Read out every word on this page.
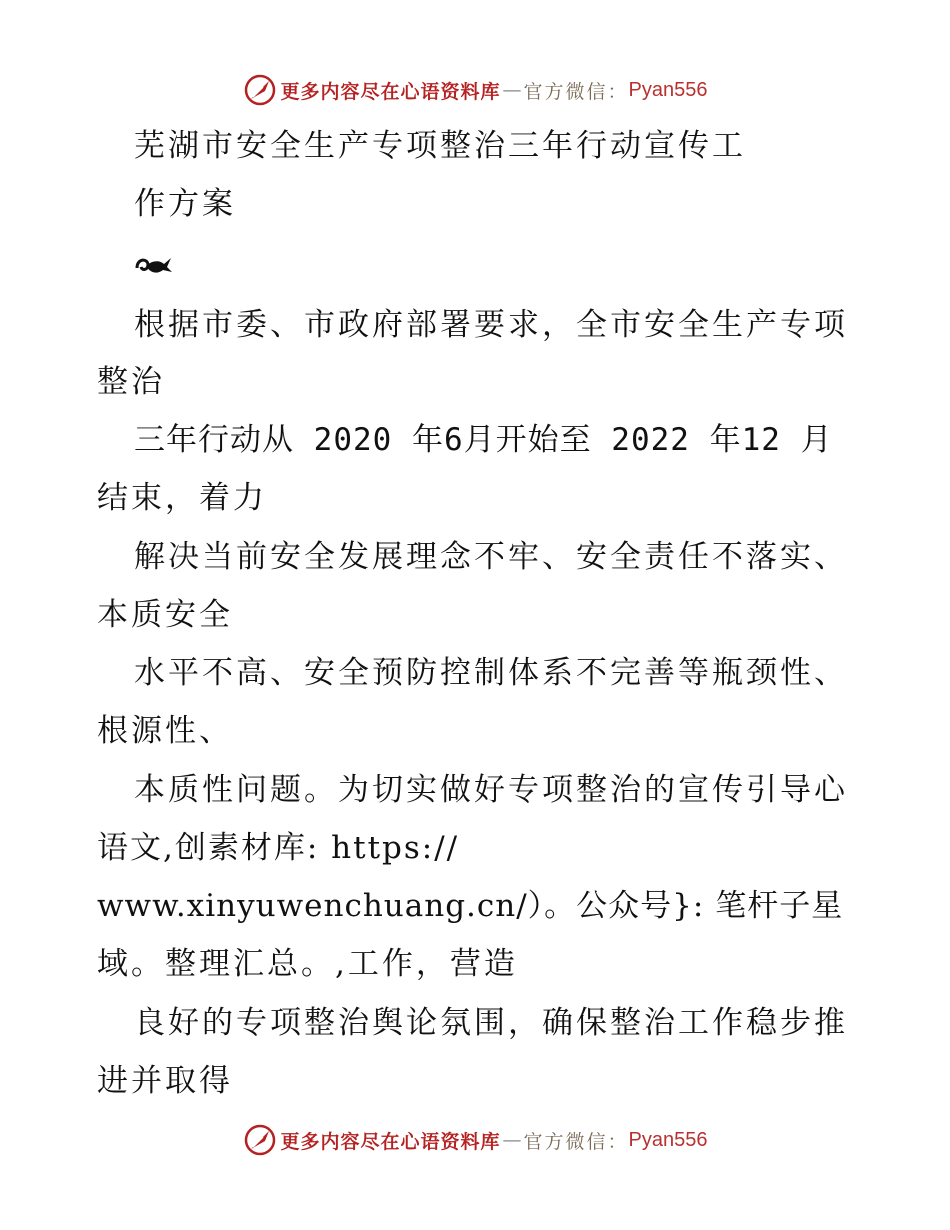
更多内容尽在心语资料库 — 官方微信： Pyan556
芜湖市安全生产专项整治三年行动宣传工
作方案
根据市委、市政府部署要求，全市安全生产专项
整治
三年行动从 2020 年6月开始至 2022 年12 月
结束，着力
解决当前安全发展理念不牢、安全责任不落实、
本质安全
水平不高、安全预防控制体系不完善等瓶颈性、
根源性、
本质性问题。为切实做好专项整治的宣传引导心
语文,创素材库: https://
www.xinyuwenchuang.cn/）。公众号}: 笔杆子星
域。整理汇总。,工作，营造
良好的专项整治舆论氛围，确保整治工作稳步推
进并取得
更多内容尽在心语资料库 — 官方微信： Pyan556
